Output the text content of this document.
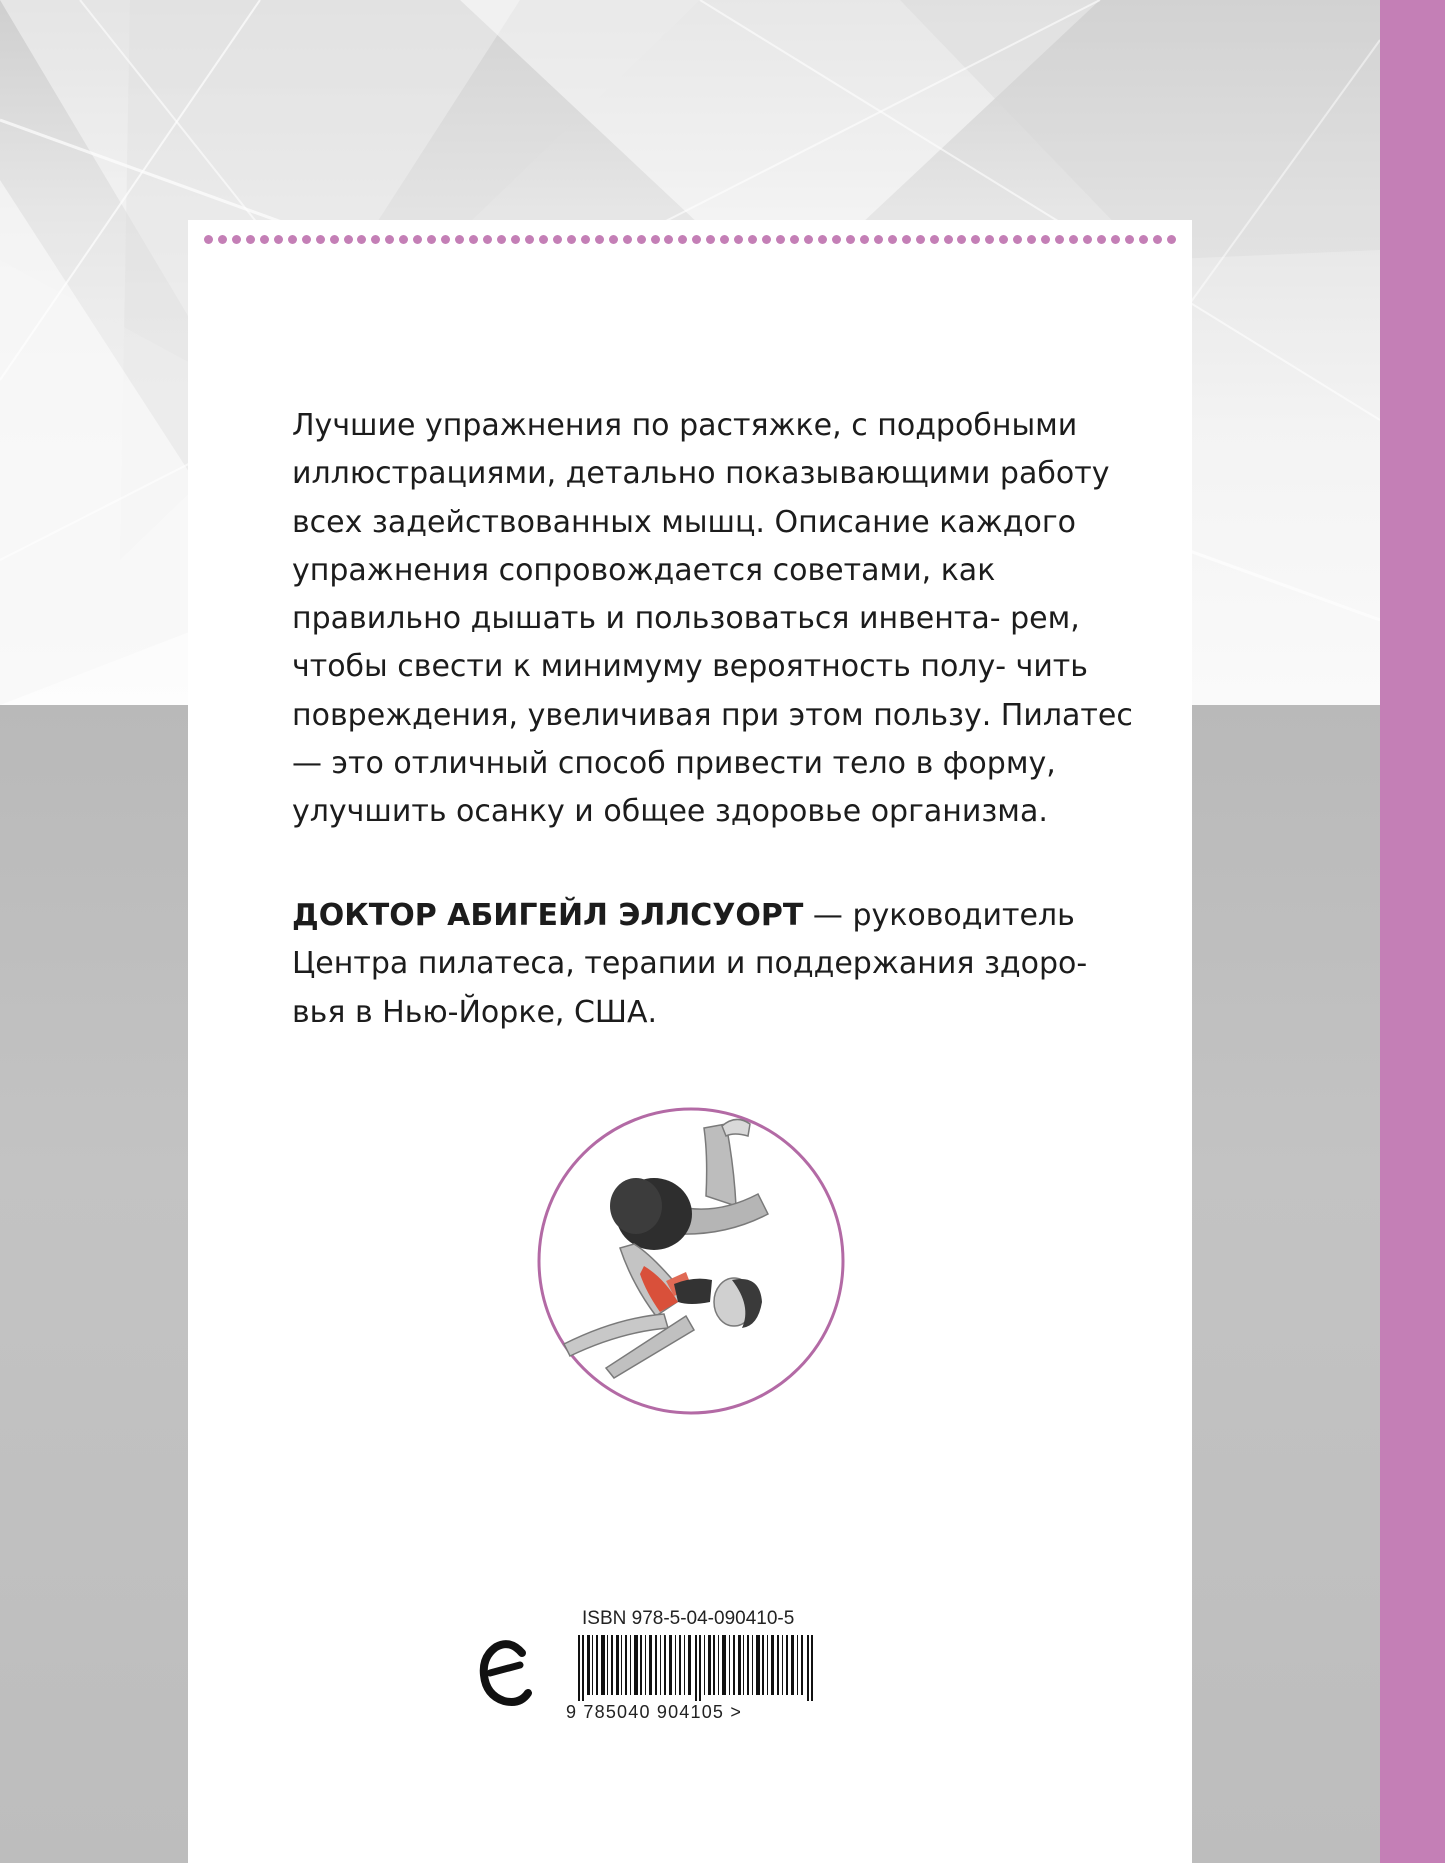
Лучшие упражнения по растяжке, с подробными иллюстрациями, детально показывающими работу всех задействованных мышц. Описание каждого упражнения сопровождается советами, как правильно дышать и пользоваться инвента- рем, чтобы свести к минимуму вероятность полу- чить повреждения, увеличивая при этом пользу. Пилатес — это отличный способ привести тело в форму, улучшить осанку и общее здоровье организма.

ДОКТОР АБИГЕЙЛ ЭЛЛСУОРТ — руководитель Центра пилатеса, терапии и поддержания здоро- вья в Нью-Йорке, США.

ISBN 978-5-04-090410-5

9 785040 904105 >
